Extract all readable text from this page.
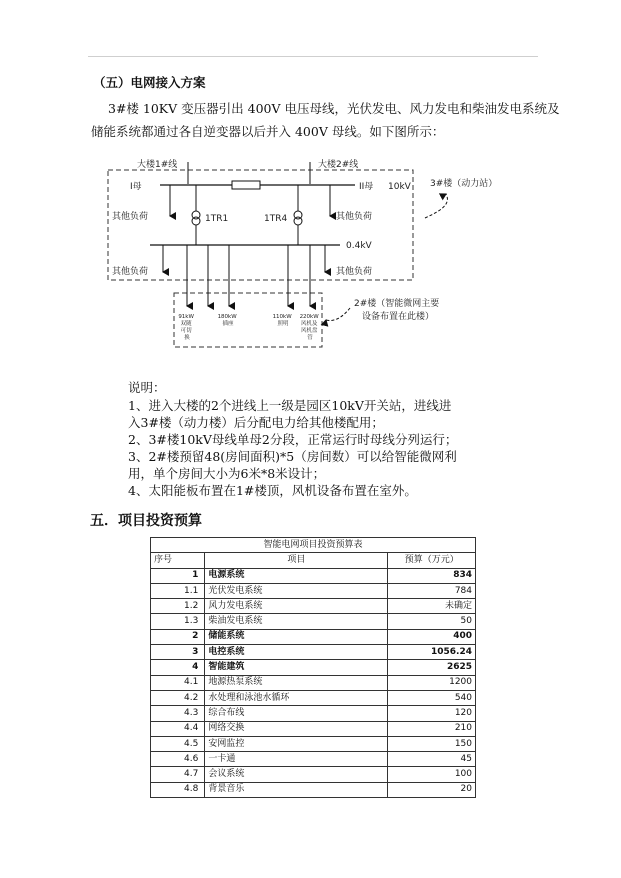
（五）电网接入方案
3#楼 10KV 变压器引出 400V 电压母线，光伏发电、风力发电和柴油发电系统及
储能系统都通过各自逆变器以后并入 400V 母线。如下图所示：
大楼1#线	大楼2#线
I母	II母 10kV
其他负荷	其他负荷
1TR1	1TR4
0.4kV
其他负荷	其他负荷
91kW 双随 可切 换
180kW 插座
110kW 照明
220kW 风机及 风机盘 管
3#楼（动力站）
2#楼（智能微网主要
设备布置在此楼）
说明：
1、进入大楼的2个进线上一级是园区10kV开关站，进线进
入3#楼（动力楼）后分配电力给其他楼配用；
2、3#楼10kV母线单母2分段，正常运行时母线分列运行；
3、2#楼预留48(房间面积)*5（房间数）可以给智能微网利
用，单个房间大小为6米*8米设计；
4、太阳能板布置在1#楼顶，风机设备布置在室外。
五．项目投资预算
智能电网项目投资预算表		
序号	项目	预算（万元）
1	电源系统	834
1.1	光伏发电系统	784
1.2	风力发电系统	未确定
1.3	柴油发电系统	50
2	储能系统	400
3	电控系统	1056.24
4	智能建筑	2625
4.1	地源热泵系统	1200
4.2	水处理和泳池水循环	540
4.3	综合布线	120
4.4	网络交换	210
4.5	安网监控	150
4.6	一卡通	45
4.7	会议系统	100
4.8	背景音乐	20
